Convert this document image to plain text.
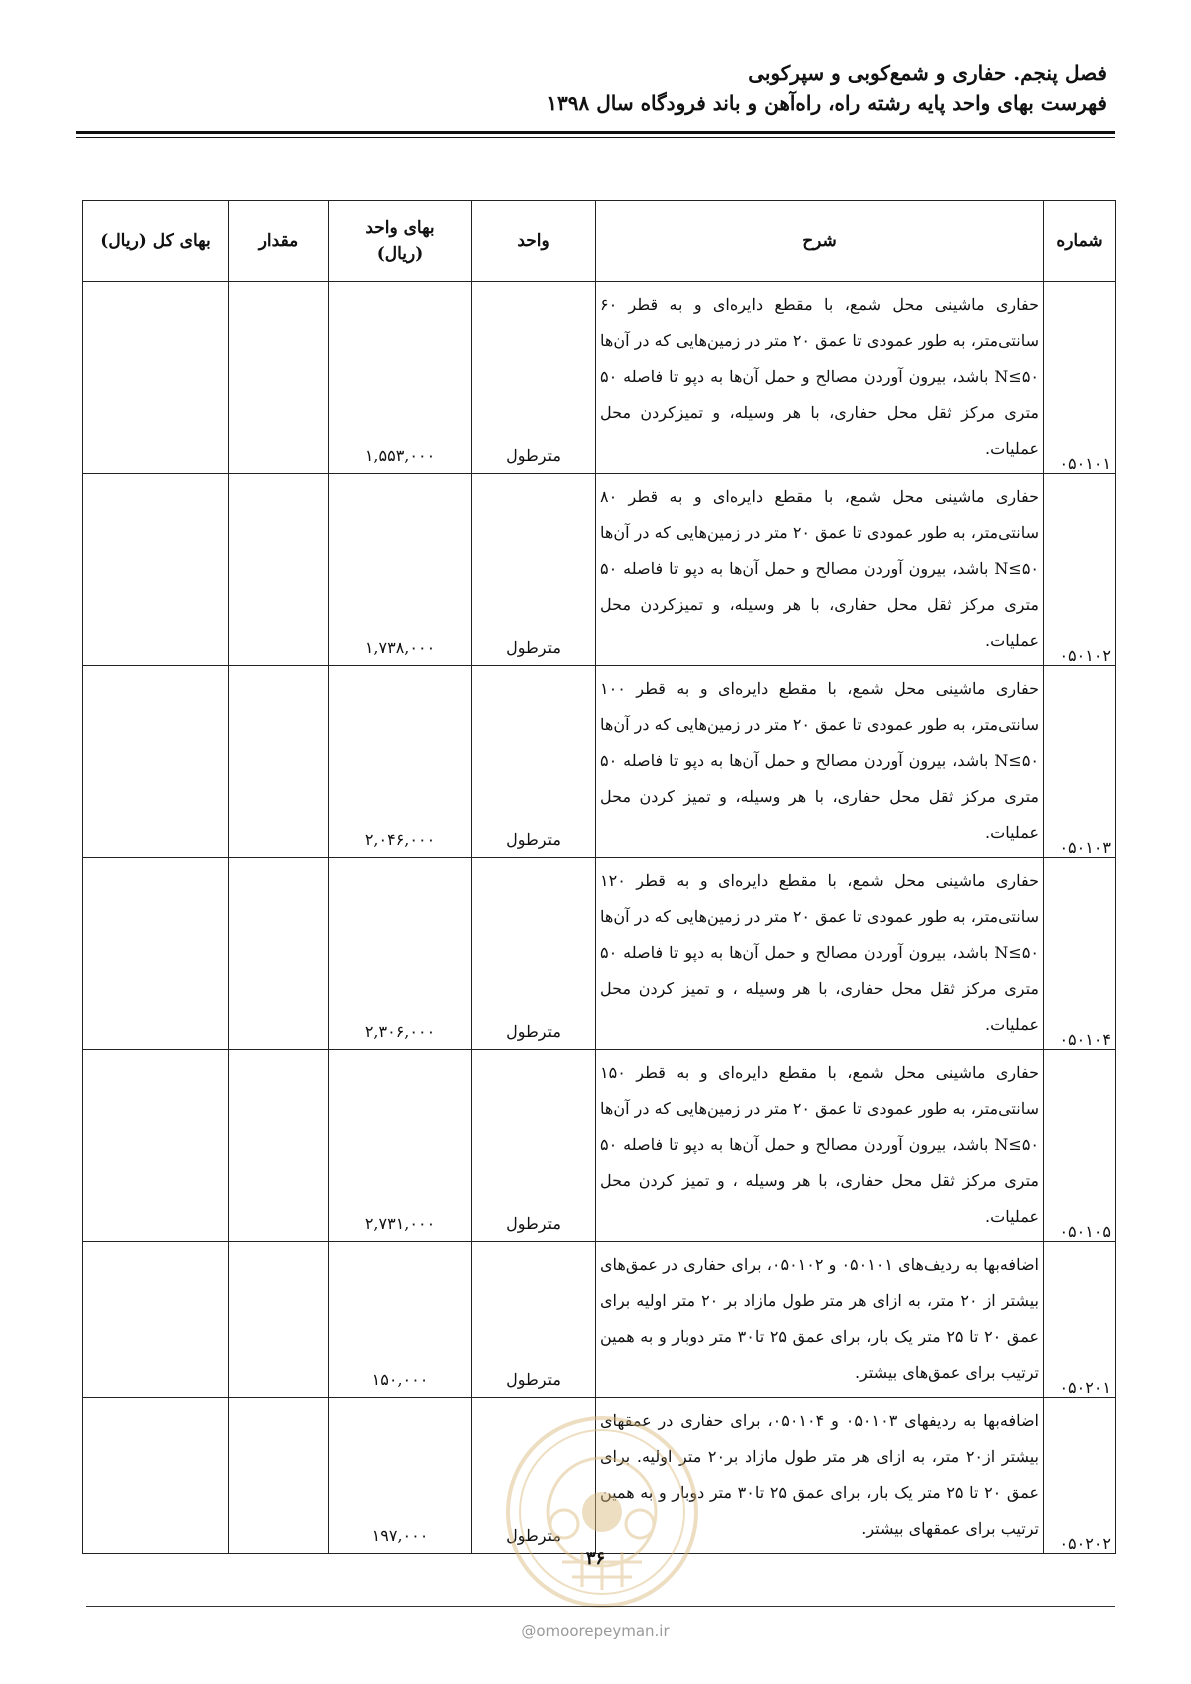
فصل پنجم. حفاری و شمع‌کوبی و سپرکوبی
فهرست بهای واحد پایه رشته راه، راه‌آهن و باند فرودگاه سال ۱۳۹۸
شماره	شرح	واحد	بهای واحد (ریال)	مقدار	بهای کل (ریال)
۰۵۰۱۰۱	حفاری ماشینی محل شمع، با مقطع دایره‌ای و به قطر ۶۰ سانتی‌متر، به طور عمودی تا عمق ۲۰ متر در زمین‌هایی که در آن‌ها N≤۵۰ باشد، بیرون آوردن مصالح و حمل آن‌ها به دپو تا فاصله ۵۰ متری مرکز ثقل محل حفاری، با هر وسیله، و تمیزکردن محل عملیات.	مترطول	۱,۵۵۳,۰۰۰		
۰۵۰۱۰۲	حفاری ماشینی محل شمع، با مقطع دایره‌ای و به قطر ۸۰ سانتی‌متر، به طور عمودی تا عمق ۲۰ متر در زمین‌هایی که در آن‌ها N≤۵۰ باشد، بیرون آوردن مصالح و حمل آن‌ها به دپو تا فاصله ۵۰ متری مرکز ثقل محل حفاری، با هر وسیله، و تمیزکردن محل عملیات.	مترطول	۱,۷۳۸,۰۰۰		
۰۵۰۱۰۳	حفاری ماشینی محل شمع، با مقطع دایره‌ای و به قطر ۱۰۰ سانتی‌متر، به طور عمودی تا عمق ۲۰ متر در زمین‌هایی که در آن‌ها N≤۵۰ باشد، بیرون آوردن مصالح و حمل آن‌ها به دپو تا فاصله ۵۰ متری مرکز ثقل محل حفاری، با هر وسیله، و تمیز کردن محل عملیات.	مترطول	۲,۰۴۶,۰۰۰		
۰۵۰۱۰۴	حفاری ماشینی محل شمع، با مقطع دایره‌ای و به قطر ۱۲۰ سانتی‌متر، به طور عمودی تا عمق ۲۰ متر در زمین‌هایی که در آن‌ها N≤۵۰ باشد، بیرون آوردن مصالح و حمل آن‌ها به دپو تا فاصله ۵۰ متری مرکز ثقل محل حفاری، با هر وسیله ، و تمیز کردن محل عملیات.	مترطول	۲,۳۰۶,۰۰۰		
۰۵۰۱۰۵	حفاری ماشینی محل شمع، با مقطع دایره‌ای و به قطر ۱۵۰ سانتی‌متر، به طور عمودی تا عمق ۲۰ متر در زمین‌هایی که در آن‌ها N≤۵۰ باشد، بیرون آوردن مصالح و حمل آن‌ها به دپو تا فاصله ۵۰ متری مرکز ثقل محل حفاری، با هر وسیله ، و تمیز کردن محل عملیات.	مترطول	۲,۷۳۱,۰۰۰		
۰۵۰۲۰۱	اضافه‌بها به ردیف‌های ۰۵۰۱۰۱ و ۰۵۰۱۰۲، برای حفاری در عمق‌های بیشتر از ۲۰ متر، به ازای هر متر طول مازاد بر ۲۰ متر اولیه برای عمق ۲۰ تا ۲۵ متر یک بار، برای عمق ۲۵ تا۳۰ متر دوبار و به همین ترتیب برای عمق‌های بیشتر.	مترطول	۱۵۰,۰۰۰		
۰۵۰۲۰۲	اضافه‌بها به ردیفهای ۰۵۰۱۰۳ و ۰۵۰۱۰۴، برای حفاری در عمقهای بیشتر از۲۰ متر، به ازای هر متر طول مازاد بر۲۰ متر اولیه. برای عمق ۲۰ تا ۲۵ متر یک بار، برای عمق ۲۵ تا۳۰ متر دوبار و به همین ترتیب برای عمقهای بیشتر.	مترطول	۱۹۷,۰۰۰		
۳۶
@omoorepeyman.ir
